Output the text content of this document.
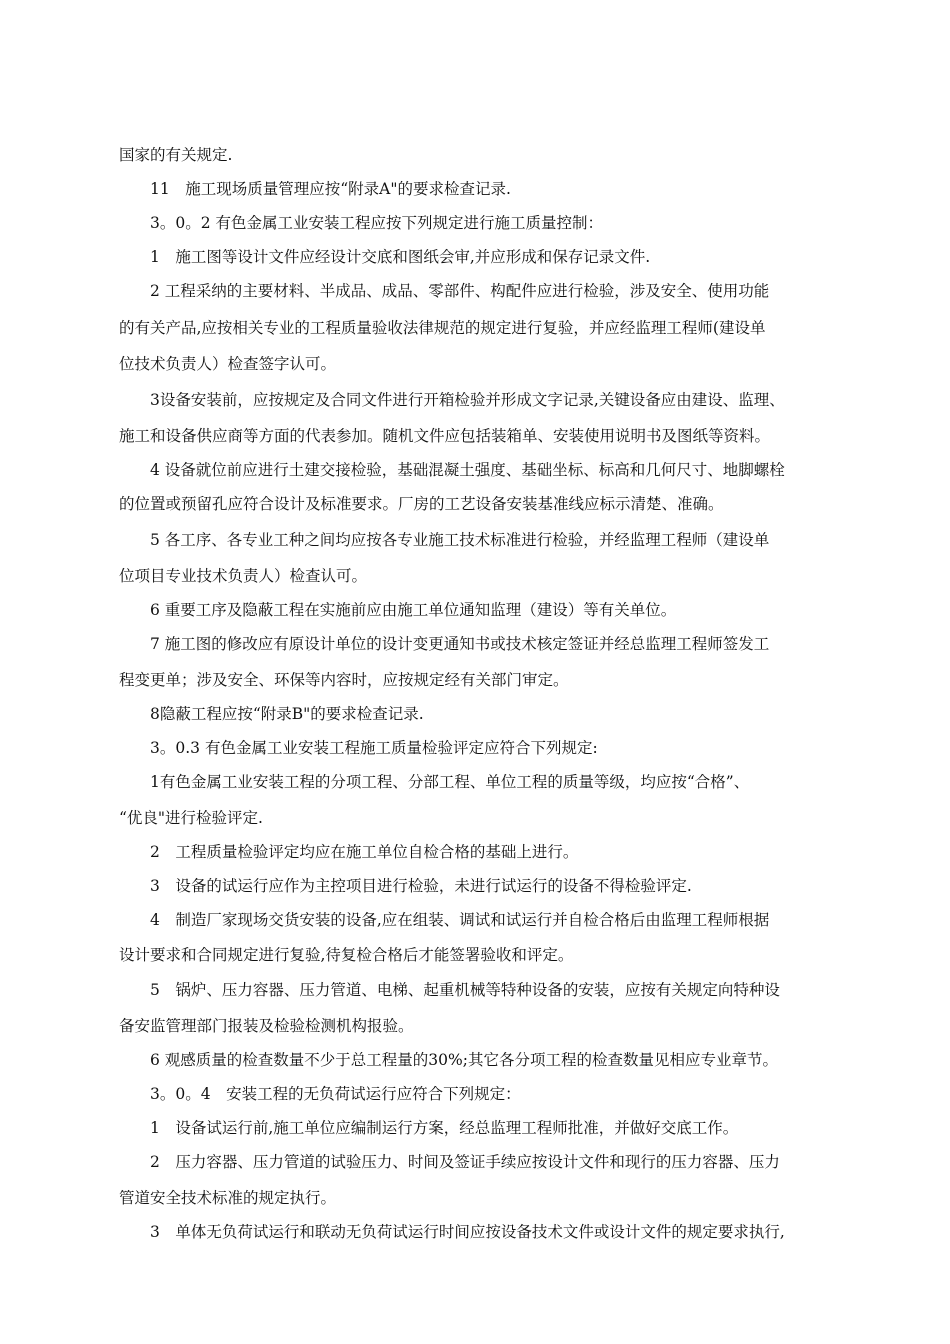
国家的有关规定.
11　施工现场质量管理应按“附录A"的要求检查记录.
3。0。2 有色金属工业安装工程应按下列规定进行施工质量控制：
1　施工图等设计文件应经设计交底和图纸会审,并应形成和保存记录文件.
2 工程采纳的主要材料、半成品、成品、零部件、构配件应进行检验，涉及安全、使用功能
的有关产品,应按相关专业的工程质量验收法律规范的规定进行复验，并应经监理工程师(建设单
位技术负责人）检查签字认可。
3设备安装前，应按规定及合同文件进行开箱检验并形成文字记录,关键设备应由建设、监理、
施工和设备供应商等方面的代表参加。随机文件应包括装箱单、安装使用说明书及图纸等资料。
4 设备就位前应进行土建交接检验，基础混凝土强度、基础坐标、标高和几何尺寸、地脚螺栓
的位置或预留孔应符合设计及标准要求。厂房的工艺设备安装基准线应标示清楚、准确。
5 各工序、各专业工种之间均应按各专业施工技术标准进行检验，并经监理工程师（建设单
位项目专业技术负责人）检查认可。
6 重要工序及隐蔽工程在实施前应由施工单位通知监理（建设）等有关单位。
7 施工图的修改应有原设计单位的设计变更通知书或技术核定签证并经总监理工程师签发工
程变更单；涉及安全、环保等内容时，应按规定经有关部门审定。
8隐蔽工程应按“附录B"的要求检查记录.
3。0.3 有色金属工业安装工程施工质量检验评定应符合下列规定:
1有色金属工业安装工程的分项工程、分部工程、单位工程的质量等级，均应按“合格”、
“优良"进行检验评定.
2　工程质量检验评定均应在施工单位自检合格的基础上进行。
3　设备的试运行应作为主控项目进行检验，未进行试运行的设备不得检验评定.
4　制造厂家现场交货安装的设备,应在组装、调试和试运行并自检合格后由监理工程师根据
设计要求和合同规定进行复验,待复检合格后才能签署验收和评定。
5　锅炉、压力容器、压力管道、电梯、起重机械等特种设备的安装，应按有关规定向特种设
备安监管理部门报装及检验检测机构报验。
6 观感质量的检查数量不少于总工程量的30%;其它各分项工程的检查数量见相应专业章节。
3。0。4　安装工程的无负荷试运行应符合下列规定：
1　设备试运行前,施工单位应编制运行方案，经总监理工程师批准，并做好交底工作。
2　压力容器、压力管道的试验压力、时间及签证手续应按设计文件和现行的压力容器、压力
管道安全技术标准的规定执行。
3　单体无负荷试运行和联动无负荷试运行时间应按设备技术文件或设计文件的规定要求执行,
